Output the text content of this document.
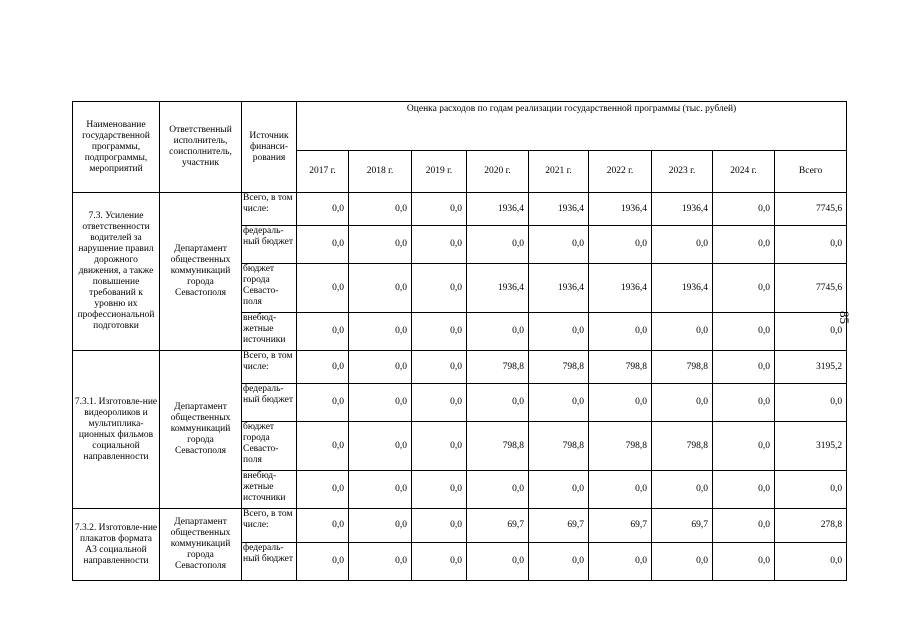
Наименование государственной программы, подпрограммы, мероприятий	Ответственный исполнитель, соисполнитель, участник	Источник финанси-рования	Оценка расходов по годам реализации государственной программы (тыс. рублей)								
			2017 г.	2018 г.	2019 г.	2020 г.	2021 г.	2022 г.	2023 г.	2024 г.	Всего
7.3. Усиление ответственности водителей за нарушение правил дорожного движения, а также повышение требований к уровню их профессиональной подготовки	Департамент общественных коммуникаций города Севастополя	Всего, в том числе:	0,0	0,0	0,0	1936,4	1936,4	1936,4	1936,4	0,0	7745,6
		федераль-ный бюджет	0,0	0,0	0,0	0,0	0,0	0,0	0,0	0,0	0,0
		бюджет города Севасто-поля	0,0	0,0	0,0	1936,4	1936,4	1936,4	1936,4	0,0	7745,6
		внебюд-жетные источники	0,0	0,0	0,0	0,0	0,0	0,0	0,0	0,0	0,0
7.3.1. Изготовле-ние видеороликов и мультиплика-ционных фильмов социальной направленности	Департамент общественных коммуникаций города Севастополя	Всего, в том числе:	0,0	0,0	0,0	798,8	798,8	798,8	798,8	0,0	3195,2
		федераль-ный бюджет	0,0	0,0	0,0	0,0	0,0	0,0	0,0	0,0	0,0
		бюджет города Севасто-поля	0,0	0,0	0,0	798,8	798,8	798,8	798,8	0,0	3195,2
		внебюд-жетные источники	0,0	0,0	0,0	0,0	0,0	0,0	0,0	0,0	0,0
7.3.2. Изготовле-ние плакатов формата А3 социальной направленности	Департамент общественных коммуникаций города Севастополя	Всего, в том числе:	0,0	0,0	0,0	69,7	69,7	69,7	69,7	0,0	278,8
		федераль-ный бюджет	0,0	0,0	0,0	0,0	0,0	0,0	0,0	0,0	0,0
85
